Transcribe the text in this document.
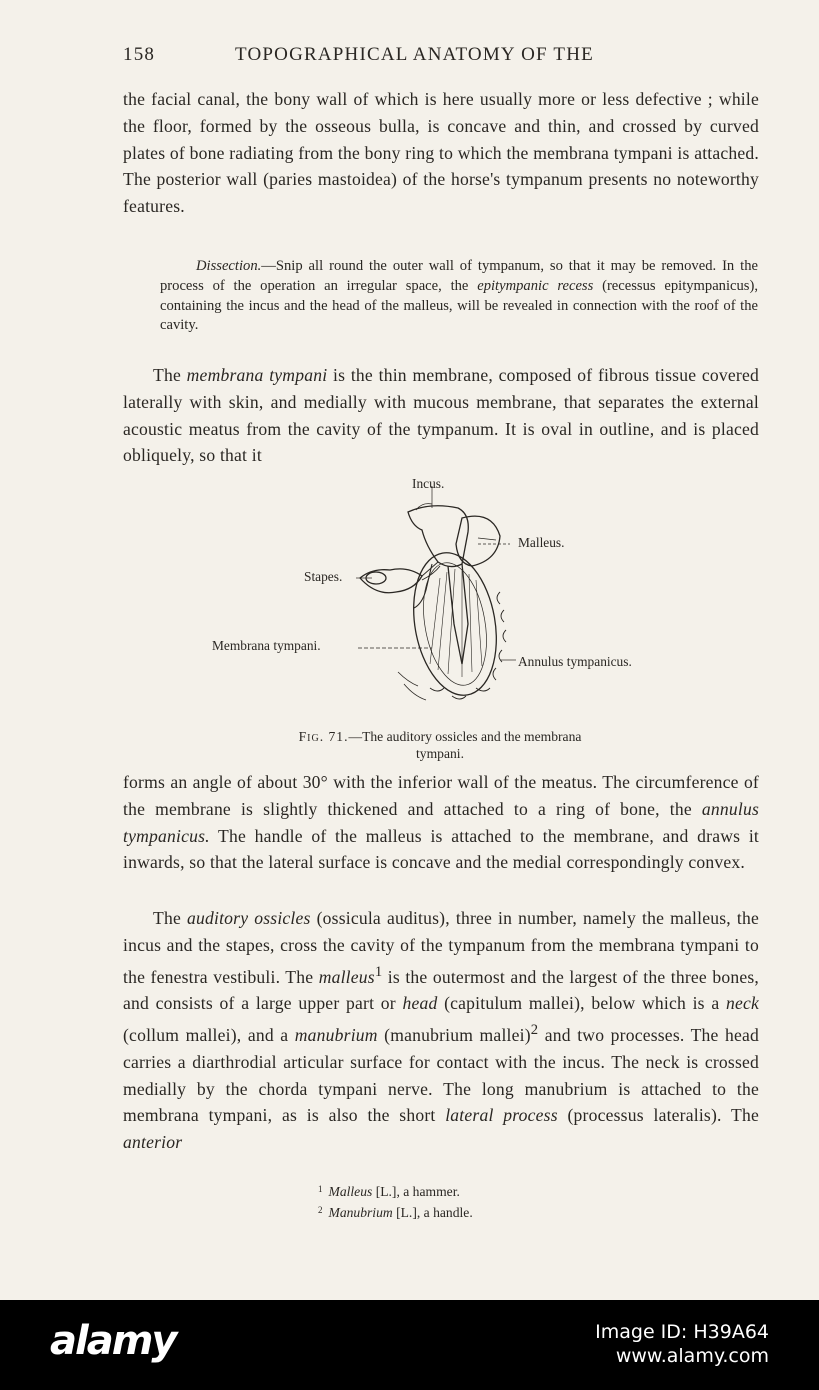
158	TOPOGRAPHICAL ANATOMY OF THE

the facial canal, the bony wall of which is here usually more or less defective ; while the floor, formed by the osseous bulla, is concave and thin, and crossed by curved plates of bone radiating from the bony ring to which the membrana tympani is attached. The posterior wall (paries mastoidea) of the horse's tympanum presents no noteworthy features.

Dissection.—Snip all round the outer wall of tympanum, so that it may be removed. In the process of the operation an irregular space, the epitympanic recess (recessus epitympanicus), containing the incus and the head of the malleus, will be revealed in connection with the roof of the cavity.

The membrana tympani is the thin membrane, composed of fibrous tissue covered laterally with skin, and medially with mucous membrane, that separates the external acoustic meatus from the cavity of the tympanum. It is oval in outline, and is placed obliquely, so that it

Incus.
Malleus.
Stapes.
Membrana tympani.
Annulus tympanicus.
Fig. 71.—The auditory ossicles and the membrana tympani.

forms an angle of about 30° with the inferior wall of the meatus. The circumference of the membrane is slightly thickened and attached to a ring of bone, the annulus tympanicus. The handle of the malleus is attached to the membrane, and draws it inwards, so that the lateral surface is concave and the medial correspondingly convex.

The auditory ossicles (ossicula auditus), three in number, namely the malleus, the incus and the stapes, cross the cavity of the tympanum from the membrana tympani to the fenestra vestibuli. The malleus$^1$ is the outermost and the largest of the three bones, and consists of a large upper part or head (capitulum mallei), below which is a neck (collum mallei), and a manubrium (manubrium mallei)$^2$ and two processes. The head carries a diarthrodial articular surface for contact with the incus. The neck is crossed medially by the chorda tympani nerve. The long manubrium is attached to the membrana tympani, as is also the short lateral process (processus lateralis). The anterior

$^1$ Malleus [L.], a hammer.
$^2$ Manubrium [L.], a handle.
alamy	Image ID: H39A64
www.alamy.com
